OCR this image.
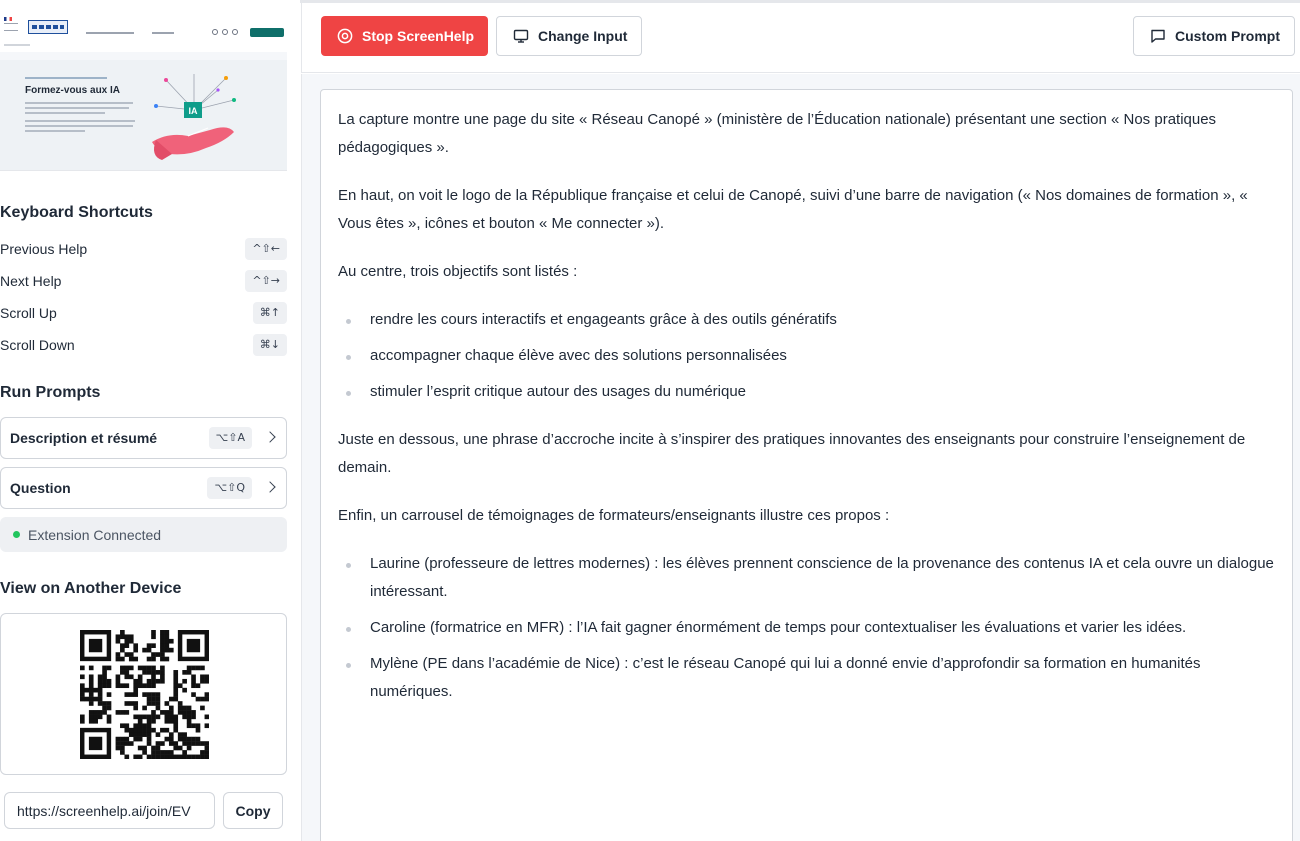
Formez-vous aux IA
IA
Keyboard Shortcuts
Previous Help	^⇧←
Next Help	^⇧→
Scroll Up	⌘↑
Scroll Down	⌘↓
Run Prompts
Description et résumé	⌥⇧A
Question	⌥⇧Q
Extension Connected
View on Another Device
https://screenhelp.ai/join/EV
Copy
Stop ScreenHelp	Change Input	Custom Prompt

La capture montre une page du site « Réseau Canopé » (ministère de l’Éducation nationale) présentant une section « Nos pratiques pédagogiques ».

En haut, on voit le logo de la République française et celui de Canopé, suivi d’une barre de navigation (« Nos domaines de formation », « Vous êtes », icônes et bouton « Me connecter »).

Au centre, trois objectifs sont listés :

rendre les cours interactifs et engageants grâce à des outils génératifs
accompagner chaque élève avec des solutions personnalisées
stimuler l’esprit critique autour des usages du numérique

Juste en dessous, une phrase d’accroche incite à s’inspirer des pratiques innovantes des enseignants pour construire l’enseignement de demain.

Enfin, un carrousel de témoignages de formateurs/enseignants illustre ces propos :

Laurine (professeure de lettres modernes) : les élèves prennent conscience de la provenance des contenus IA et cela ouvre un dialogue intéressant.
Caroline (formatrice en MFR) : l’IA fait gagner énormément de temps pour contextualiser les évaluations et varier les idées.
Mylène (PE dans l’académie de Nice) : c’est le réseau Canopé qui lui a donné envie d’approfondir sa formation en humanités numériques.
